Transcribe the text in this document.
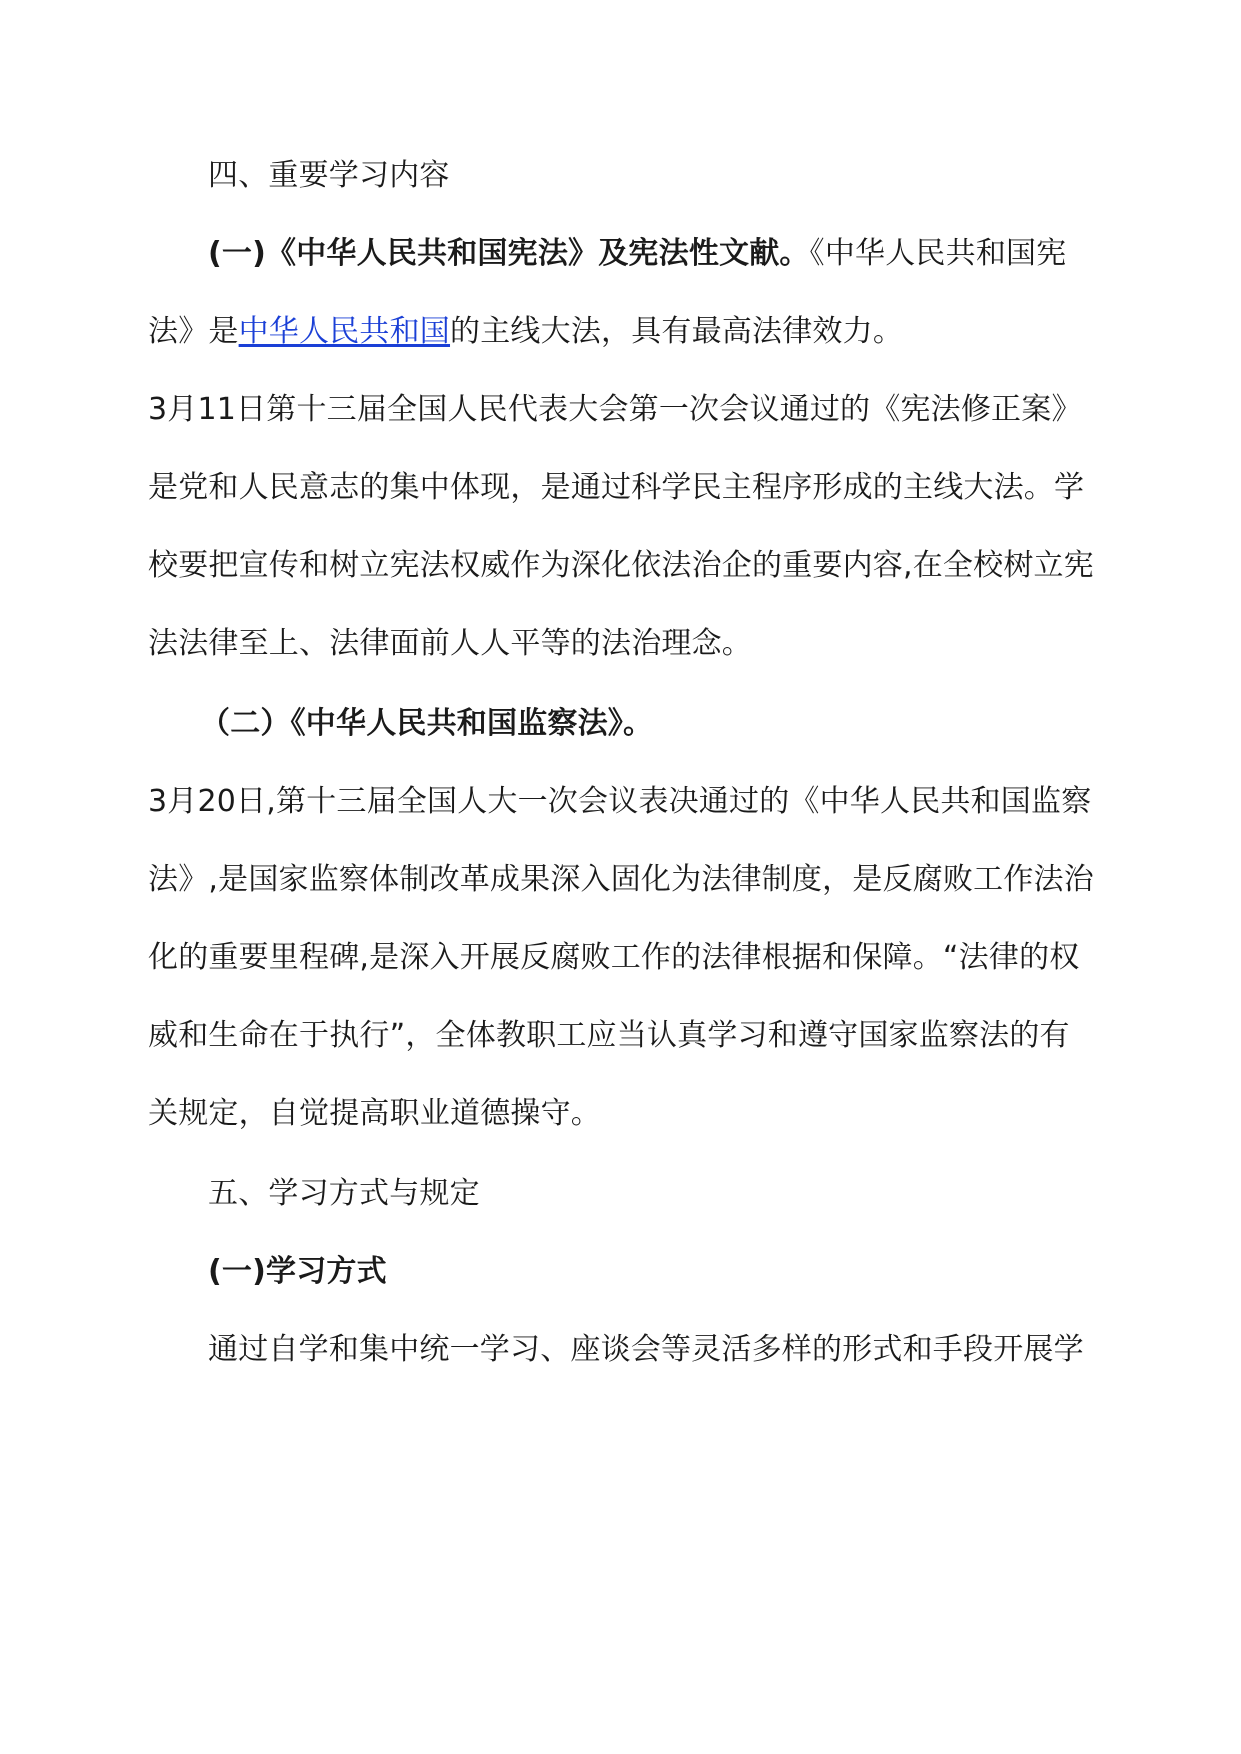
四、重要学习内容

(一)《中华人民共和国宪法》及宪法性文献。《中华人民共和国宪

法》是中华人民共和国的主线大法，具有最高法律效力。

3月11日第十三届全国人民代表大会第一次会议通过的《宪法修正案》

是党和人民意志的集中体现，是通过科学民主程序形成的主线大法。学

校要把宣传和树立宪法权威作为深化依法治企的重要内容,在全校树立宪

法法律至上、法律面前人人平等的法治理念。

（二）《中华人民共和国监察法》。

3月20日,第十三届全国人大一次会议表决通过的《中华人民共和国监察

法》,是国家监察体制改革成果深入固化为法律制度，是反腐败工作法治

化的重要里程碑,是深入开展反腐败工作的法律根据和保障。“法律的权

威和生命在于执行”，全体教职工应当认真学习和遵守国家监察法的有

关规定，自觉提高职业道德操守。

五、学习方式与规定

(一)学习方式

通过自学和集中统一学习、座谈会等灵活多样的形式和手段开展学
